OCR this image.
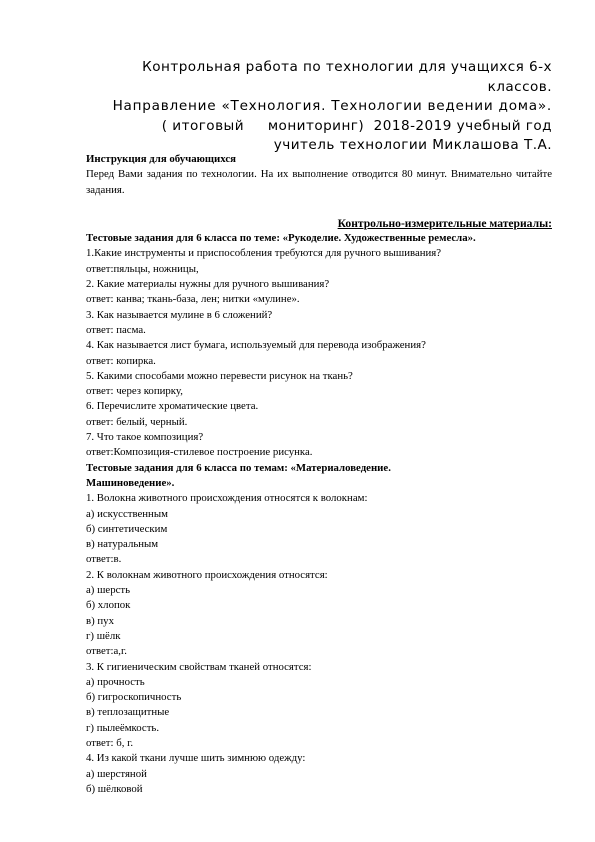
Контрольная работа по технологии для учащихся 6-х
классов.
Направление «Технология. Технологии ведении дома».
( итоговый     мониторинг)  2018-2019 учебный год
учитель технологии Миклашова Т.А.

Инструкция для обучающихся

Перед Вами задания по технологии. На их выполнение отводится 80 минут. Внимательно читайте задания.

Контрольно-измерительные материалы:

Тестовые задания для 6 класса по теме: «Рукоделие. Художественные ремесла».

1.Какие инструменты и приспособления требуются для ручного вышивания?
ответ:пяльцы, ножницы,
2. Какие материалы нужны для ручного вышивания?
ответ: канва; ткань-база, лен; нитки «мулине».
3. Как называется мулине в 6 сложений?
ответ: пасма.
4. Как называется лист бумага, используемый для перевода изображения?
ответ: копирка.
5. Какими способами можно перевести рисунок на ткань?
ответ: через копирку,
6. Перечислите хроматические цвета.
ответ: белый, черный.
7. Что такое композиция?
ответ:Композиция-стилевое построение рисунка.

Тестовые задания для 6 класса по темам: «Материаловедение. Машиноведение».

1. Волокна животного происхождения относятся к волокнам:
а) искусственным
б) синтетическим
в) натуральным
ответ:в.
2. К волокнам животного происхождения относятся:
а) шерсть
б) хлопок
в) пух
г) шёлк
ответ:а,г.
3. К гигиеническим свойствам тканей относятся:
а) прочность
б) гигроскопичность
в) теплозащитные
г) пылеёмкость.
ответ: б, г.
4. Из какой ткани лучше шить зимнюю одежду:
а) шерстяной
б) шёлковой
